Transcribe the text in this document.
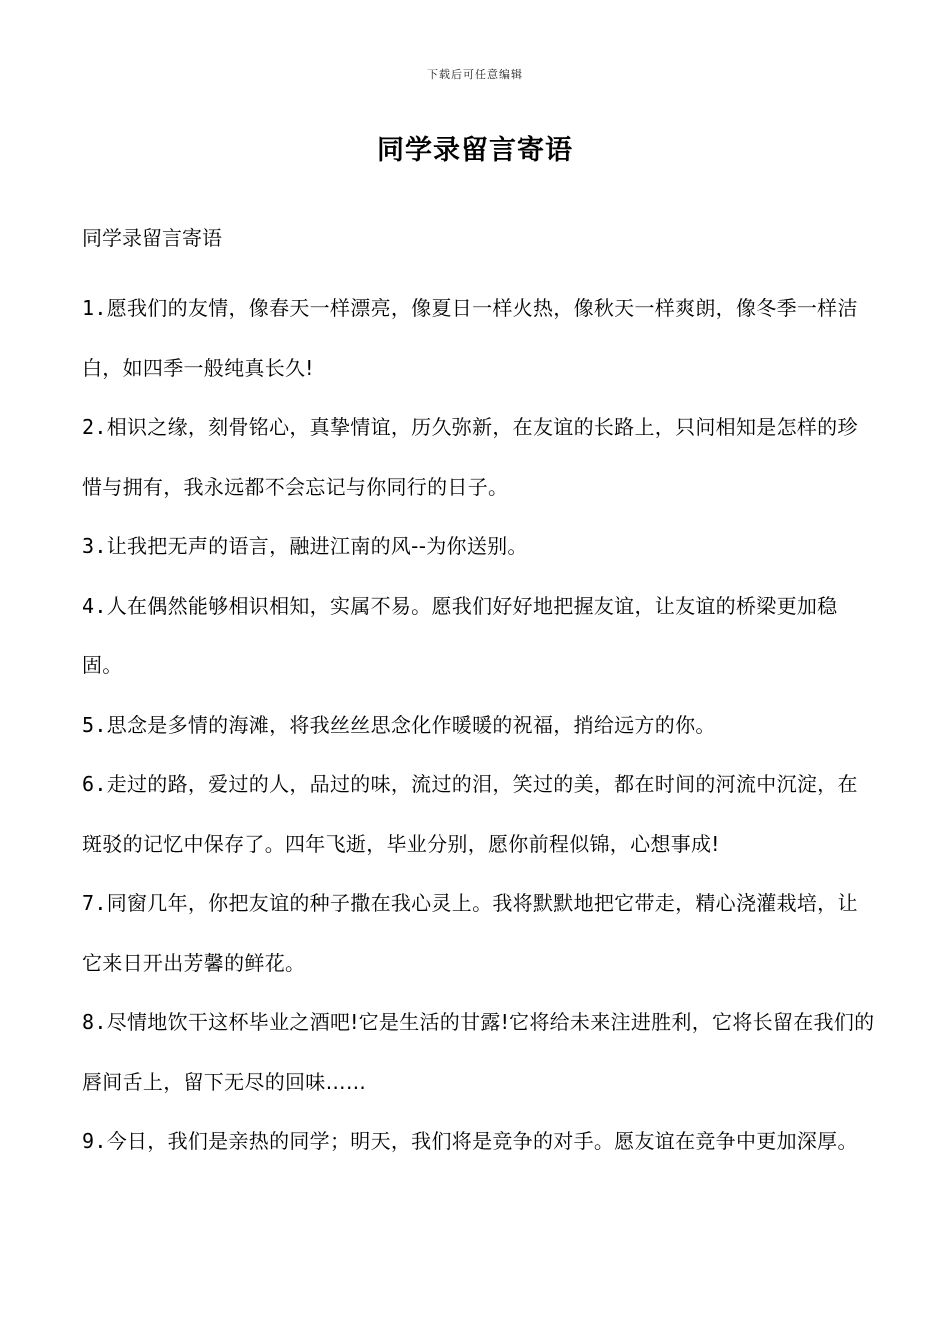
下载后可任意编辑
同学录留言寄语

同学录留言寄语

1.愿我们的友情，像春天一样漂亮，像夏日一样火热，像秋天一样爽朗，像冬季一样洁白，如四季一般纯真长久!

2.相识之缘，刻骨铭心，真挚情谊，历久弥新，在友谊的长路上，只问相知是怎样的珍惜与拥有，我永远都不会忘记与你同行的日子。

3.让我把无声的语言，融进江南的风--为你送别。

4.人在偶然能够相识相知，实属不易。愿我们好好地把握友谊，让友谊的桥梁更加稳固。

5.思念是多情的海滩，将我丝丝思念化作暖暖的祝福，捎给远方的你。

6.走过的路，爱过的人，品过的味，流过的泪，笑过的美，都在时间的河流中沉淀，在斑驳的记忆中保存了。四年飞逝，毕业分别，愿你前程似锦，心想事成!

7.同窗几年，你把友谊的种子撒在我心灵上。我将默默地把它带走，精心浇灌栽培，让它来日开出芳馨的鲜花。

8.尽情地饮干这杯毕业之酒吧!它是生活的甘露!它将给未来注进胜利，它将长留在我们的唇间舌上，留下无尽的回味……

9.今日，我们是亲热的同学；明天，我们将是竞争的对手。愿友谊在竞争中更加深厚。
